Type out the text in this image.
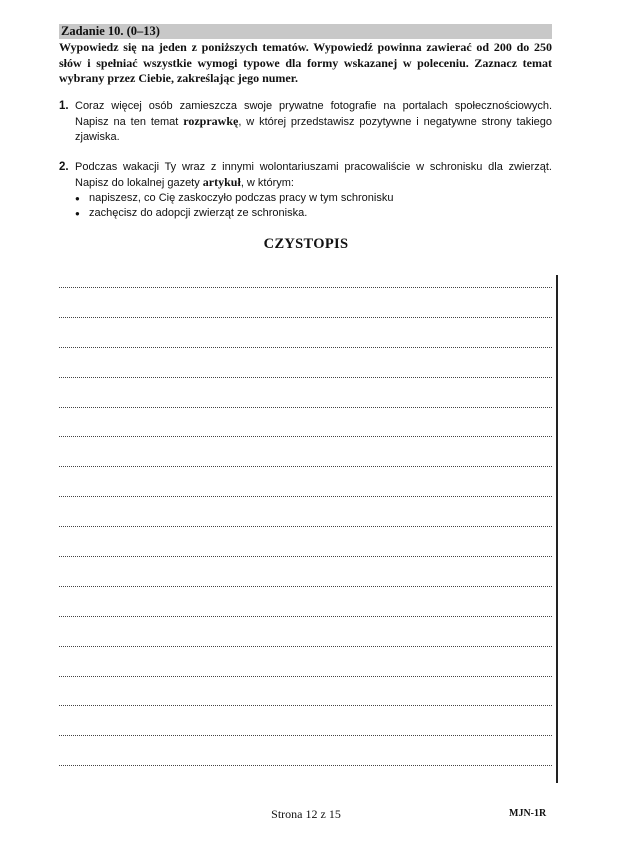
Zadanie 10. (0–13)

Wypowiedz się na jeden z poniższych tematów. Wypowiedź powinna zawierać od 200 do 250 słów i spełniać wszystkie wymogi typowe dla formy wskazanej w poleceniu. Zaznacz temat wybrany przez Ciebie, zakreślając jego numer.

1. Coraz więcej osób zamieszcza swoje prywatne fotografie na portalach społecznościowych. Napisz na ten temat rozprawkę, w której przedstawisz pozytywne i negatywne strony takiego zjawiska.
2. Podczas wakacji Ty wraz z innymi wolontariuszami pracowaliście w schronisku dla zwierząt. Napisz do lokalnej gazety artykuł, w którym:
● napiszesz, co Cię zaskoczyło podczas pracy w tym schronisku
● zachęcisz do adopcji zwierząt ze schroniska.
CZYSTOPIS
Strona 12 z 15	MJN-1R
